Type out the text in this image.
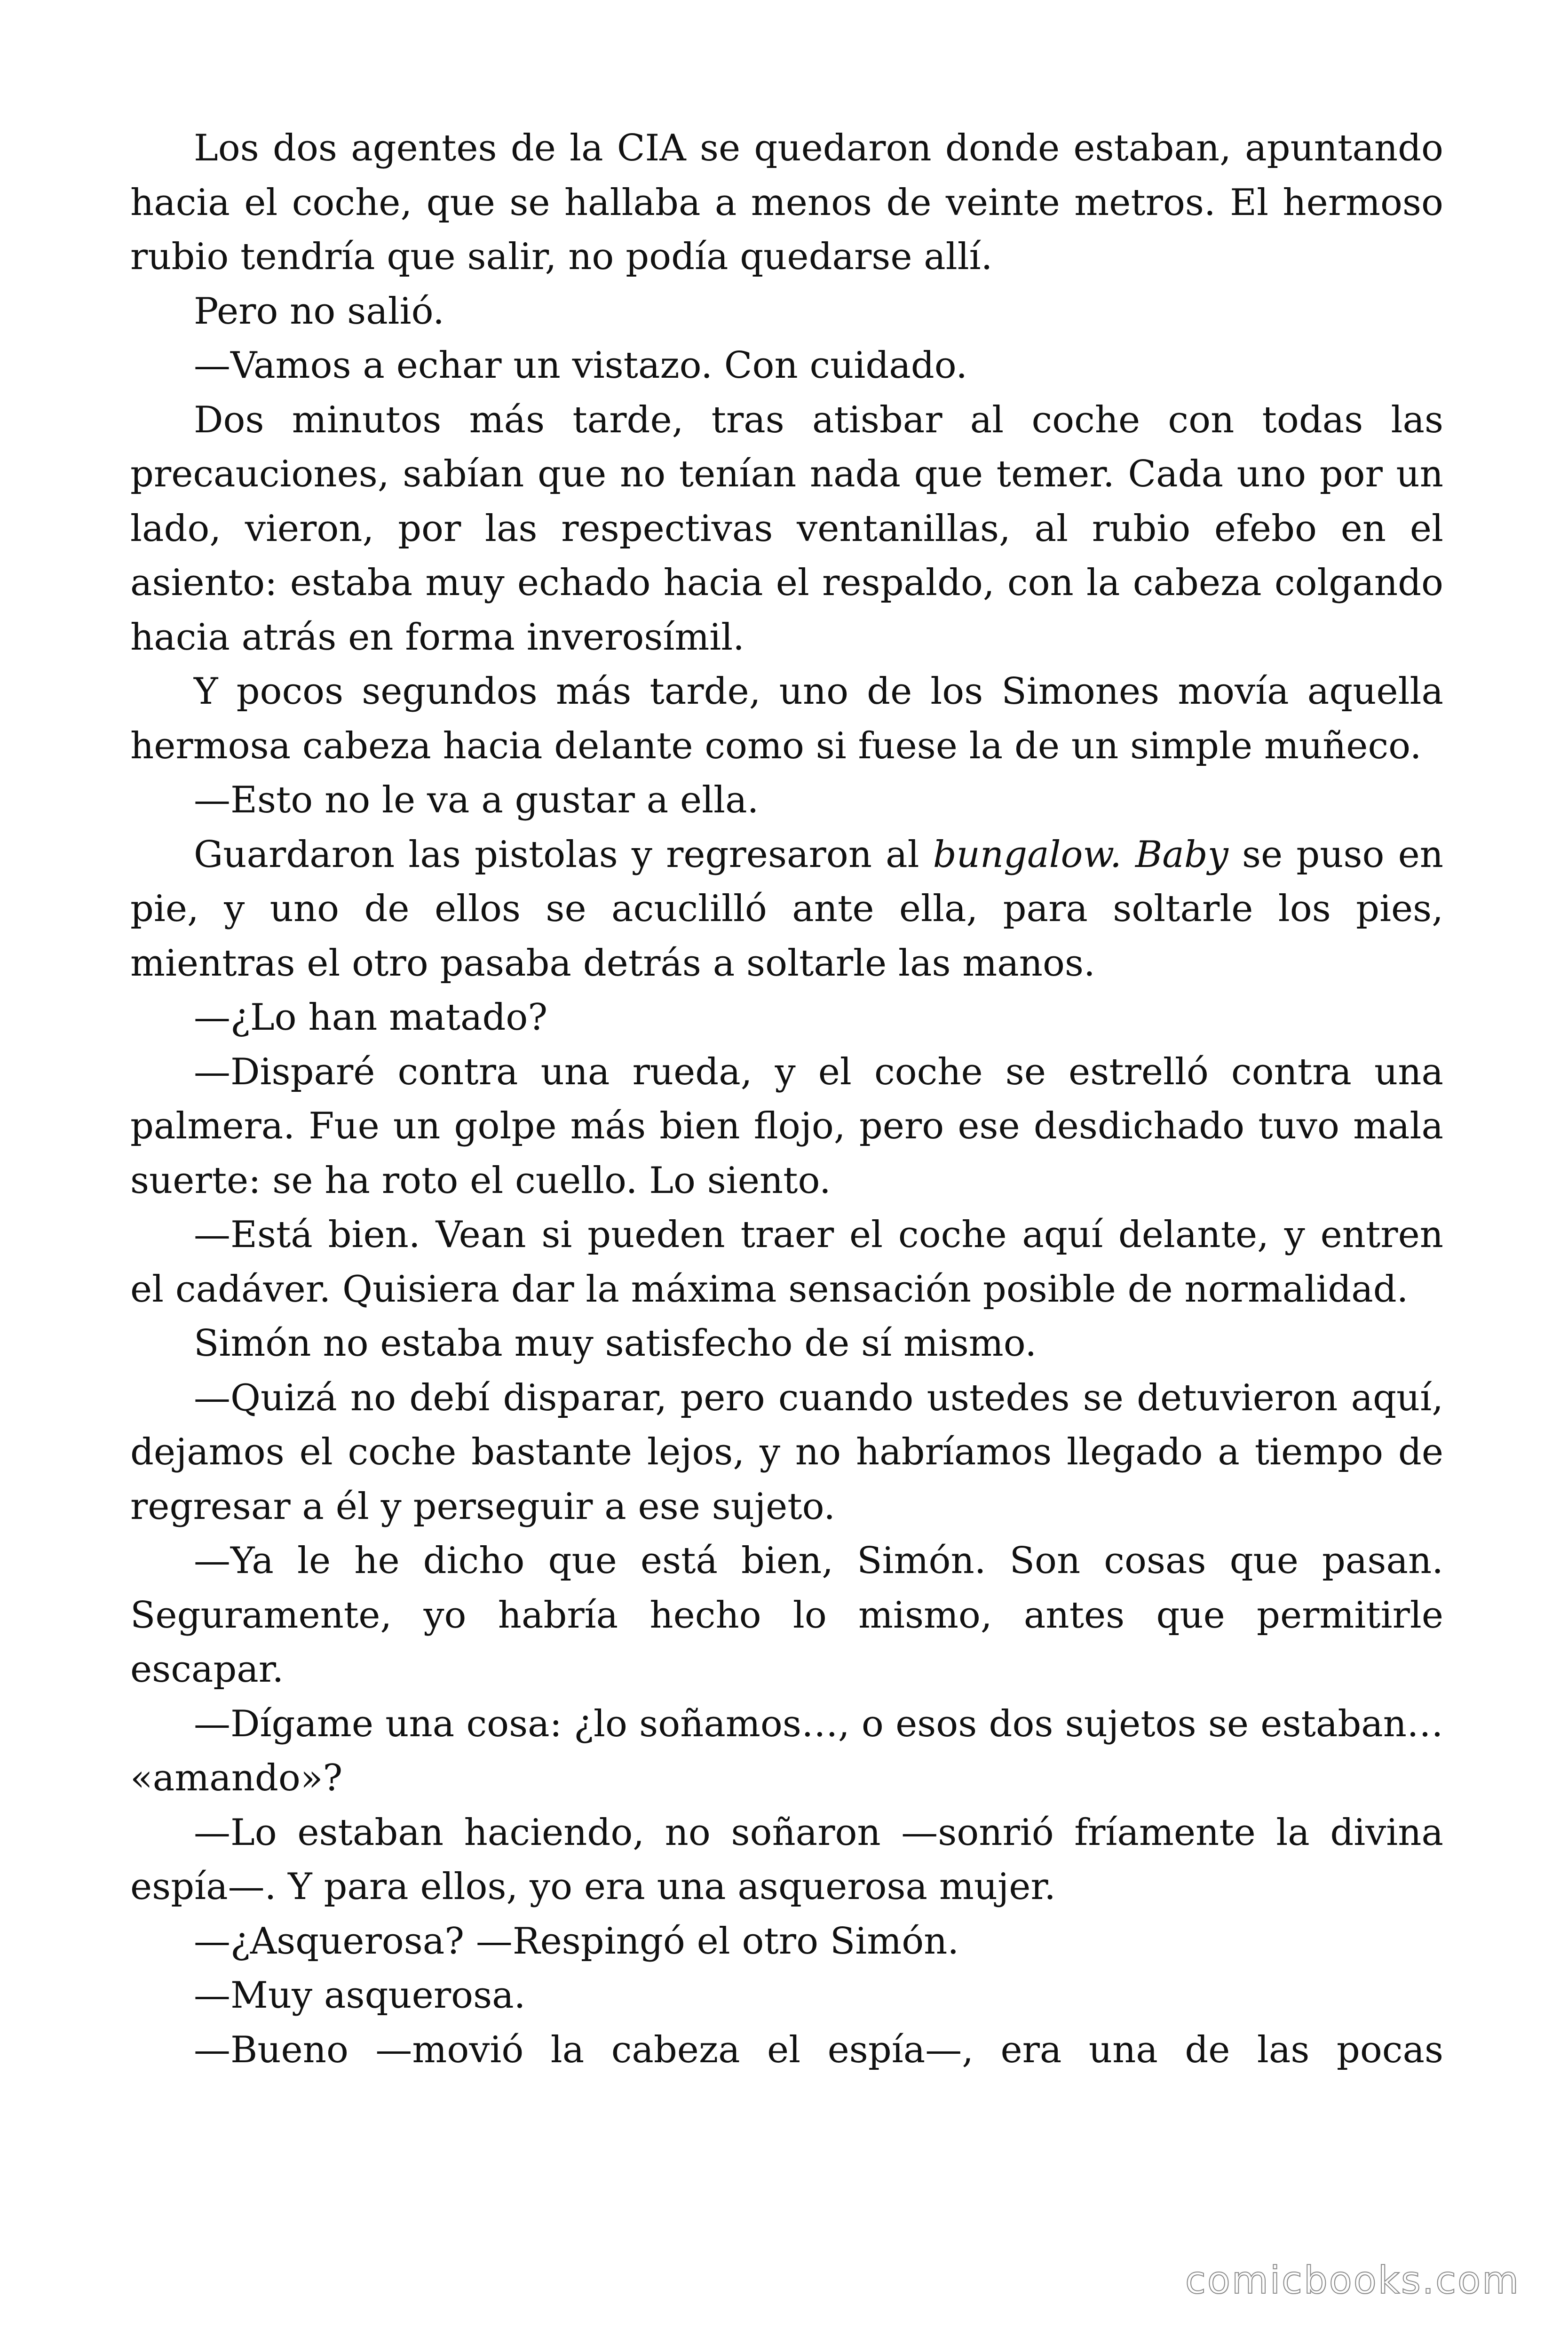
Los dos agentes de la CIA se quedaron donde estaban, apuntando hacia el coche, que se hallaba a menos de veinte metros. El hermoso rubio tendría que salir, no podía quedarse allí.

Pero no salió.

—Vamos a echar un vistazo. Con cuidado.

Dos minutos más tarde, tras atisbar al coche con todas las precauciones, sabían que no tenían nada que temer. Cada uno por un lado, vieron, por las respectivas ventanillas, al rubio efebo en el asiento: estaba muy echado hacia el respaldo, con la cabeza colgando hacia atrás en forma inverosímil.

Y pocos segundos más tarde, uno de los Simones movía aquella hermosa cabeza hacia delante como si fuese la de un simple muñeco.

—Esto no le va a gustar a ella.

Guardaron las pistolas y regresaron al bungalow. Baby se puso en pie, y uno de ellos se acuclilló ante ella, para soltarle los pies, mientras el otro pasaba detrás a soltarle las manos.

—¿Lo han matado?

—Disparé contra una rueda, y el coche se estrelló contra una palmera. Fue un golpe más bien flojo, pero ese desdichado tuvo mala suerte: se ha roto el cuello. Lo siento.

—Está bien. Vean si pueden traer el coche aquí delante, y entren el cadáver. Quisiera dar la máxima sensación posible de normalidad.

Simón no estaba muy satisfecho de sí mismo.

—Quizá no debí disparar, pero cuando ustedes se detuvieron aquí, dejamos el coche bastante lejos, y no habríamos llegado a tiempo de regresar a él y perseguir a ese sujeto.

—Ya le he dicho que está bien, Simón. Son cosas que pasan. Seguramente, yo habría hecho lo mismo, antes que permitirle escapar.

—Dígame una cosa: ¿lo soñamos…, o esos dos sujetos se estaban… «amando»?

—Lo estaban haciendo, no soñaron —sonrió fríamente la divina espía—. Y para ellos, yo era una asquerosa mujer.

—¿Asquerosa? —Respingó el otro Simón.

—Muy asquerosa.

—Bueno —movió la cabeza el espía—, era una de las pocas

comicbooks.com
